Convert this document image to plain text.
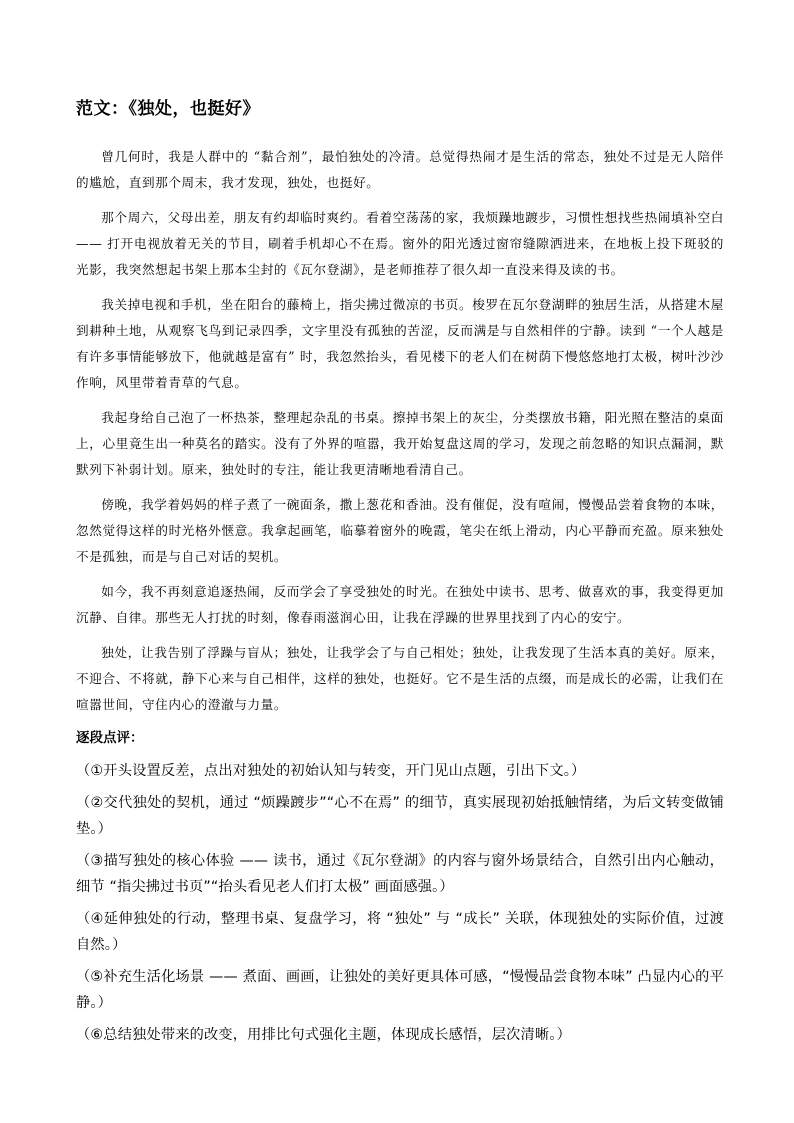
范文：《独处，也挺好》

曾几何时，我是人群中的 “黏合剂”，最怕独处的冷清。总觉得热闹才是生活的常态，独处不过是无人陪伴的尴尬，直到那个周末，我才发现，独处，也挺好。

那个周六，父母出差，朋友有约却临时爽约。看着空荡荡的家，我烦躁地踱步，习惯性想找些热闹填补空白 —— 打开电视放着无关的节目，刷着手机却心不在焉。窗外的阳光透过窗帘缝隙洒进来，在地板上投下斑驳的光影，我突然想起书架上那本尘封的《瓦尔登湖》，是老师推荐了很久却一直没来得及读的书。

我关掉电视和手机，坐在阳台的藤椅上，指尖拂过微凉的书页。梭罗在瓦尔登湖畔的独居生活，从搭建木屋到耕种土地，从观察飞鸟到记录四季，文字里没有孤独的苦涩，反而满是与自然相伴的宁静。读到 “一个人越是有许多事情能够放下，他就越是富有” 时，我忽然抬头，看见楼下的老人们在树荫下慢悠悠地打太极，树叶沙沙作响，风里带着青草的气息。

我起身给自己泡了一杯热茶，整理起杂乱的书桌。擦掉书架上的灰尘，分类摆放书籍，阳光照在整洁的桌面上，心里竟生出一种莫名的踏实。没有了外界的喧嚣，我开始复盘这周的学习，发现之前忽略的知识点漏洞，默默列下补弱计划。原来，独处时的专注，能让我更清晰地看清自己。

傍晚，我学着妈妈的样子煮了一碗面条，撒上葱花和香油。没有催促，没有喧闹，慢慢品尝着食物的本味，忽然觉得这样的时光格外惬意。我拿起画笔，临摹着窗外的晚霞，笔尖在纸上滑动，内心平静而充盈。原来独处不是孤独，而是与自己对话的契机。

如今，我不再刻意追逐热闹，反而学会了享受独处的时光。在独处中读书、思考、做喜欢的事，我变得更加沉静、自律。那些无人打扰的时刻，像春雨滋润心田，让我在浮躁的世界里找到了内心的安宁。

独处，让我告别了浮躁与盲从；独处，让我学会了与自己相处；独处，让我发现了生活本真的美好。原来，不迎合、不将就，静下心来与自己相伴，这样的独处，也挺好。它不是生活的点缀，而是成长的必需，让我们在喧嚣世间，守住内心的澄澈与力量。

逐段点评：

（①开头设置反差，点出对独处的初始认知与转变，开门见山点题，引出下文。）

（②交代独处的契机，通过 “烦躁踱步”“心不在焉” 的细节，真实展现初始抵触情绪，为后文转变做铺垫。）

（③描写独处的核心体验 —— 读书，通过《瓦尔登湖》的内容与窗外场景结合，自然引出内心触动，细节 “指尖拂过书页”“抬头看见老人们打太极” 画面感强。）

（④延伸独处的行动，整理书桌、复盘学习，将 “独处” 与 “成长” 关联，体现独处的实际价值，过渡自然。）

（⑤补充生活化场景 —— 煮面、画画，让独处的美好更具体可感，“慢慢品尝食物本味” 凸显内心的平静。）

（⑥总结独处带来的改变，用排比句式强化主题，体现成长感悟，层次清晰。）
